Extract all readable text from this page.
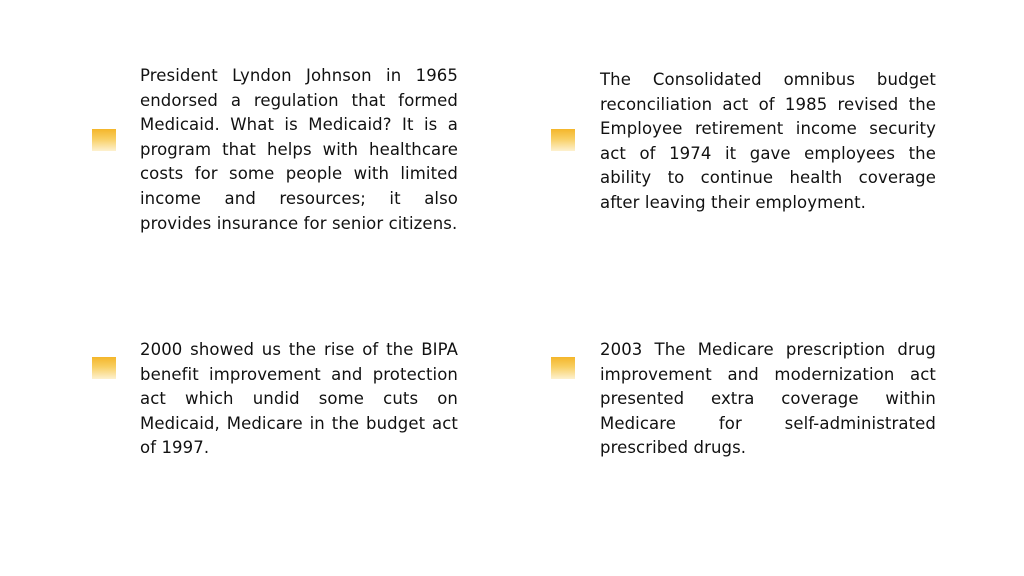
President Lyndon Johnson in 1965 endorsed a regulation that formed Medicaid. What is Medicaid? It is a program that helps with healthcare costs for some people with limited income and resources; it also provides insurance for senior citizens.
The Consolidated omnibus budget reconciliation act of 1985 revised the Employee retirement income security act of 1974 it gave employees the ability to continue health coverage after leaving their employment.
2000 showed us the rise of the BIPA benefit improvement and protection act which undid some cuts on Medicaid, Medicare in the budget act of 1997.
2003 The Medicare prescription drug improvement and modernization act presented extra coverage within Medicare for self-administrated prescribed drugs.
